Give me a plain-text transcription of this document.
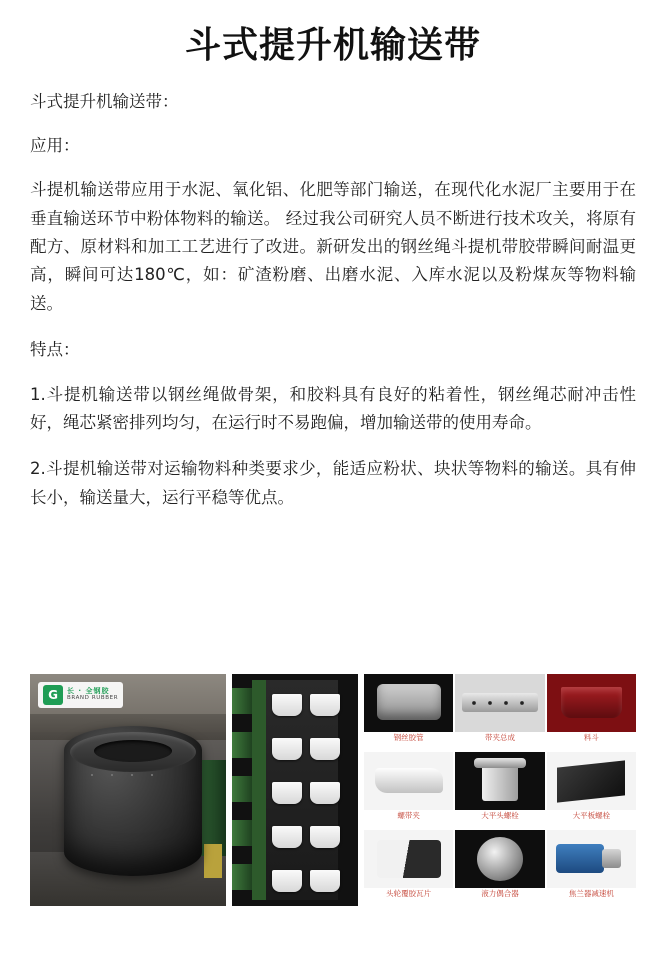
斗式提升机输送带

斗式提升机输送带：

应用：

斗提机输送带应用于水泥、氧化铝、化肥等部门输送，在现代化水泥厂主要用于在垂直输送环节中粉体物料的输送。 经过我公司研究人员不断进行技术攻关，将原有配方、原材料和加工工艺进行了改进。新研发出的钢丝绳斗提机带胶带瞬间耐温更高，瞬间可达180℃，如：矿渣粉磨、出磨水泥、入库水泥以及粉煤灰等物料输送。

特点：

1.斗提机输送带以钢丝绳做骨架，和胶料具有良好的粘着性，钢丝绳芯耐冲击性好，绳芯紧密排列均匀，在运行时不易跑偏，增加输送带的使用寿命。

2.斗提机输送带对运输物料种类要求少，能适应粉状、块状等物料的输送。具有伸长小，输送量大，运行平稳等优点。

G	长 · 全钢胶
BRAND RUBBER
钢丝胶管	带夹总成	料斗
螺带夹	大平头螺栓	大平板螺栓
头轮覆胶瓦片	液力偶合器	焦兰器减速机
